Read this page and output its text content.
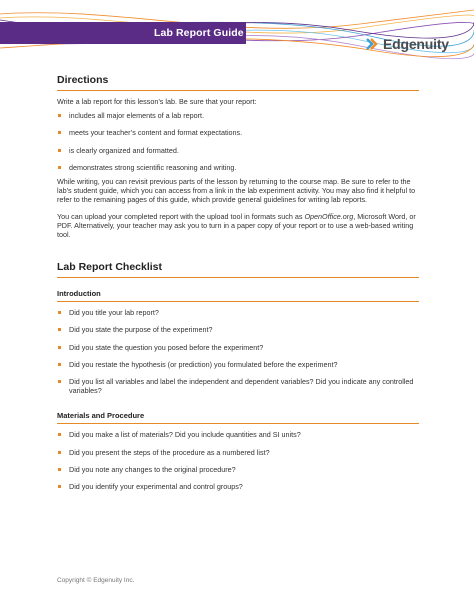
Lab Report Guide
Edgenuity
Directions

Write a lab report for this lesson’s lab. Be sure that your report:

includes all major elements of a lab report.
meets your teacher’s content and format expectations.
is clearly organized and formatted.
demonstrates strong scientific reasoning and writing.

While writing, you can revisit previous parts of the lesson by returning to the course map. Be sure to refer to the lab’s student guide, which you can access from a link in the lab experiment activity. You may also find it helpful to refer to the remaining pages of this guide, which provide general guidelines for writing lab reports.

You can upload your completed report with the upload tool in formats such as OpenOffice.org, Microsoft Word, or PDF. Alternatively, your teacher may ask you to turn in a paper copy of your report or to use a web-based writing tool.

Lab Report Checklist
Introduction
Did you title your lab report?
Did you state the purpose of the experiment?
Did you state the question you posed before the experiment?
Did you restate the hypothesis (or prediction) you formulated before the experiment?
Did you list all variables and label the independent and dependent variables? Did you indicate any controlled variables?
Materials and Procedure
Did you make a list of materials? Did you include quantities and SI units?
Did you present the steps of the procedure as a numbered list?
Did you note any changes to the original procedure?
Did you identify your experimental and control groups?
Copyright © Edgenuity Inc.
